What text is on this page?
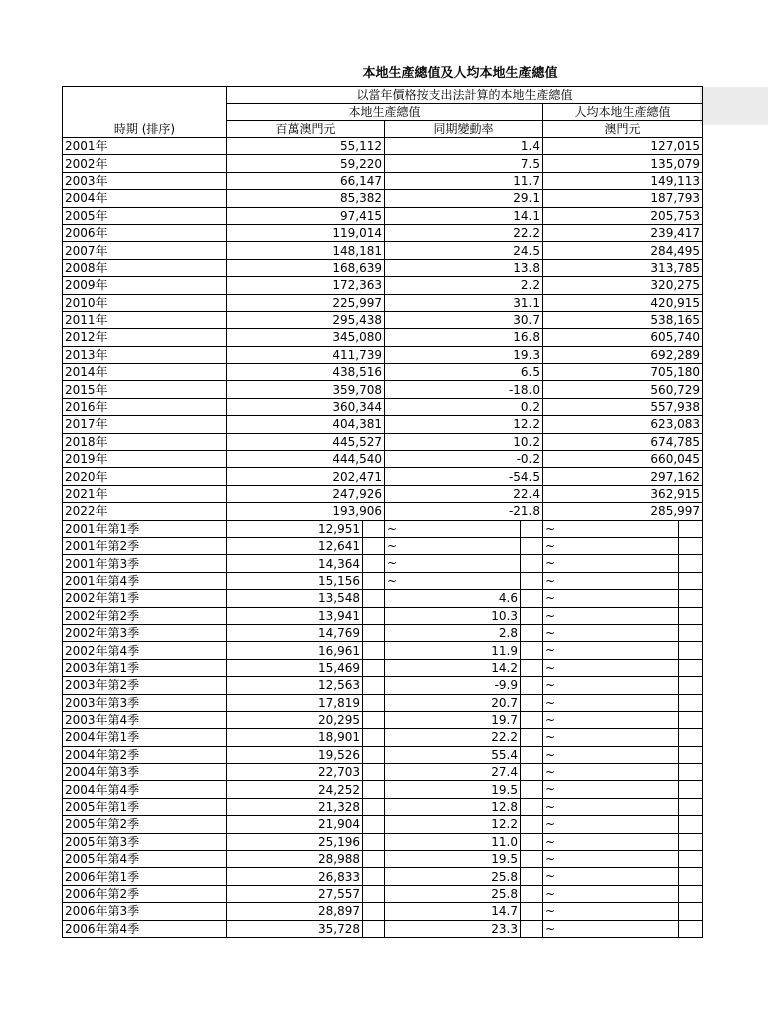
本地生產總值及人均本地生產總值
時期 (排序)	以當年價格按支出法計算的本地生產總值					
	本地生產總值				人均本地生產總值	
	百萬澳門元		同期變動率		澳門元	
2001年	55,112		1.4		127,015	
2002年	59,220		7.5		135,079	
2003年	66,147		11.7		149,113	
2004年	85,382		29.1		187,793	
2005年	97,415		14.1		205,753	
2006年	119,014		22.2		239,417	
2007年	148,181		24.5		284,495	
2008年	168,639		13.8		313,785	
2009年	172,363		2.2		320,275	
2010年	225,997		31.1		420,915	
2011年	295,438		30.7		538,165	
2012年	345,080		16.8		605,740	
2013年	411,739		19.3		692,289	
2014年	438,516		6.5		705,180	
2015年	359,708		-18.0		560,729	
2016年	360,344		0.2		557,938	
2017年	404,381		12.2		623,083	
2018年	445,527		10.2		674,785	
2019年	444,540		-0.2		660,045	
2020年	202,471		-54.5		297,162	
2021年	247,926		22.4		362,915	
2022年	193,906		-21.8		285,997	
2001年第1季	12,951		~		~	
2001年第2季	12,641		~		~	
2001年第3季	14,364		~		~	
2001年第4季	15,156		~		~	
2002年第1季	13,548		4.6		~	
2002年第2季	13,941		10.3		~	
2002年第3季	14,769		2.8		~	
2002年第4季	16,961		11.9		~	
2003年第1季	15,469		14.2		~	
2003年第2季	12,563		-9.9		~	
2003年第3季	17,819		20.7		~	
2003年第4季	20,295		19.7		~	
2004年第1季	18,901		22.2		~	
2004年第2季	19,526		55.4		~	
2004年第3季	22,703		27.4		~	
2004年第4季	24,252		19.5		~	
2005年第1季	21,328		12.8		~	
2005年第2季	21,904		12.2		~	
2005年第3季	25,196		11.0		~	
2005年第4季	28,988		19.5		~	
2006年第1季	26,833		25.8		~	
2006年第2季	27,557		25.8		~	
2006年第3季	28,897		14.7		~	
2006年第4季	35,728		23.3		~	
